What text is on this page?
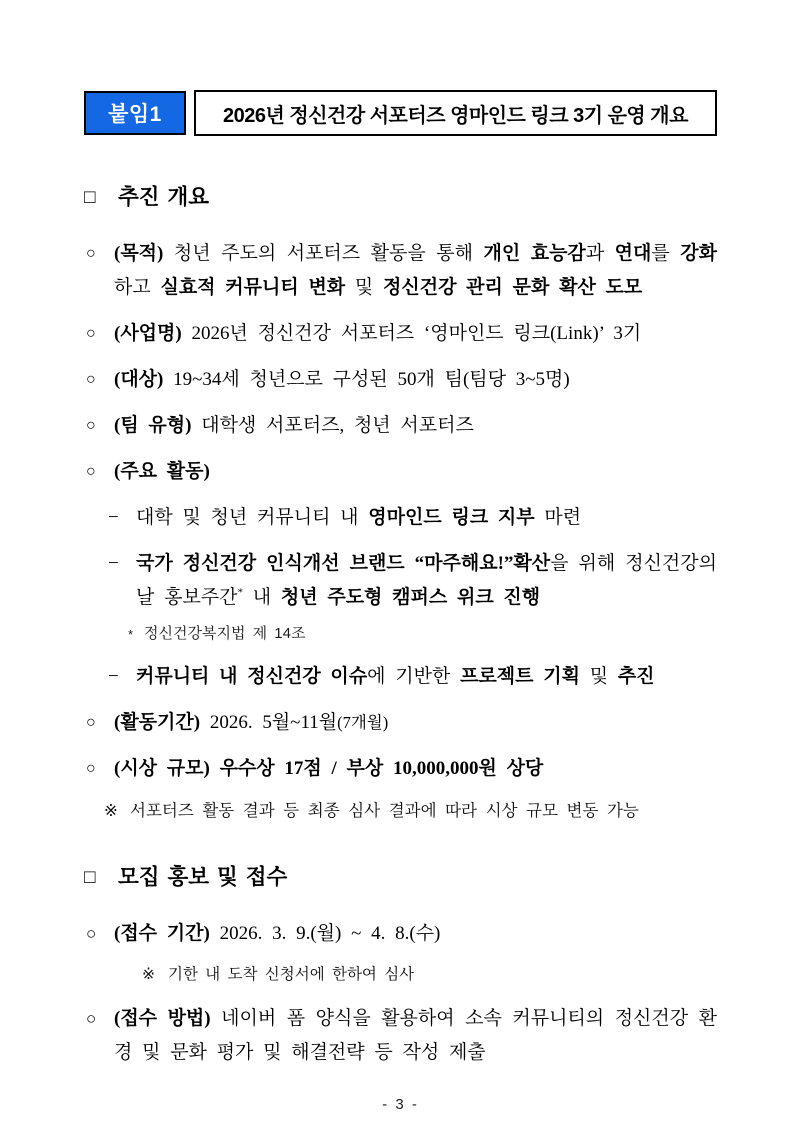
붙임1	2026년 정신건강 서포터즈 영마인드 링크 3기 운영 개요
□ 추진 개요
○ (목적) 청년 주도의 서포터즈 활동을 통해 개인 효능감과 연대를 강화하고 실효적 커뮤니티 변화 및 정신건강 관리 문화 확산 도모
○ (사업명) 2026년 정신건강 서포터즈 ‘영마인드 링크(Link)’ 3기
○ (대상) 19~34세 청년으로 구성된 50개 팀(팀당 3~5명)
○ (팀 유형) 대학생 서포터즈, 청년 서포터즈
○ (주요 활동)
− 대학 및 청년 커뮤니티 내 영마인드 링크 지부 마련
− 국가 정신건강 인식개선 브랜드 “마주해요!”확산을 위해 정신건강의 날 홍보주간* 내 청년 주도형 캠퍼스 위크 진행
* 정신건강복지법 제 14조
− 커뮤니티 내 정신건강 이슈에 기반한 프로젝트 기획 및 추진
○ (활동기간) 2026. 5월~11월(7개월)
○ (시상 규모) 우수상 17점 / 부상 10,000,000원 상당
※ 서포터즈 활동 결과 등 최종 심사 결과에 따라 시상 규모 변동 가능
□ 모집 홍보 및 접수
○ (접수 기간) 2026. 3. 9.(월) ~ 4. 8.(수)
※ 기한 내 도착 신청서에 한하여 심사
○ (접수 방법) 네이버 폼 양식을 활용하여 소속 커뮤니티의 정신건강 환경 및 문화 평가 및 해결전략 등 작성 제출
- 3 -
